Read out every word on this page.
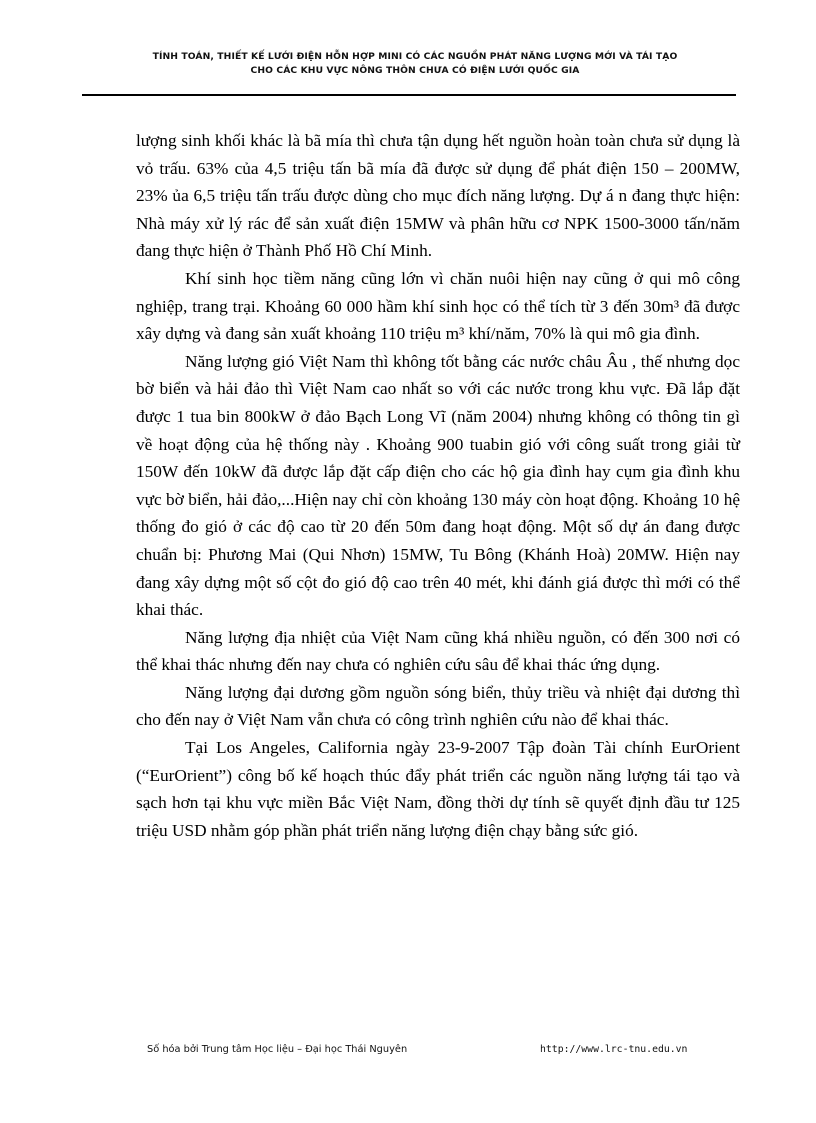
TÍNH TOÁN, THIẾT KẾ LƯỚI ĐIỆN HỖN HỢP MINI CÓ CÁC NGUỒN PHÁT NĂNG LƯỢNG MỚI VÀ TÁI TẠO
CHO CÁC KHU VỰC NÔNG THÔN CHƯA CÓ ĐIỆN LƯỚI QUỐC GIA

lượng sinh khối khác là bã mía thì chưa tận dụng hết nguồn hoàn toàn chưa sử dụng là vỏ trấu. 63% của 4,5 triệu tấn bã mía đã được sử dụng để phát điện 150 – 200MW, 23% ủa 6,5 triệu tấn trấu được dùng cho mục đích năng lượng. Dự á n đang thực hiện: Nhà máy xử lý rác để sản xuất điện 15MW và phân hữu cơ NPK 1500-3000 tấn/năm đang thực hiện ở Thành Phố Hồ Chí Minh.

Khí sinh học tiềm năng cũng lớn vì chăn nuôi hiện nay cũng ở qui mô công nghiệp, trang trại. Khoảng 60 000 hầm khí sinh học có thể tích từ 3 đến 30m³ đã được xây dựng và đang sản xuất khoảng 110 triệu m³ khí/năm, 70% là qui mô gia đình.

Năng lượng gió Việt Nam thì không tốt bằng các nước châu Âu , thế nhưng dọc bờ biển và hải đảo thì Việt Nam cao nhất so với các nước trong khu vực. Đã lắp đặt được 1 tua bin 800kW ở đảo Bạch Long Vĩ (năm 2004) nhưng không có thông tin gì về hoạt động của hệ thống này . Khoảng 900 tuabin gió với công suất trong giải từ 150W đến 10kW đã được lắp đặt cấp điện cho các hộ gia đình hay cụm gia đình khu vực bờ biển, hải đảo,...Hiện nay chỉ còn khoảng 130 máy còn hoạt động. Khoảng 10 hệ thống đo gió ở các độ cao từ 20 đến 50m đang hoạt động. Một số dự án đang được chuẩn bị: Phương Mai (Qui Nhơn) 15MW, Tu Bông (Khánh Hoà) 20MW. Hiện nay đang xây dựng một số cột đo gió độ cao trên 40 mét, khi đánh giá được thì mới có thể khai thác.

Năng lượng địa nhiệt của Việt Nam cũng khá nhiều nguồn, có đến 300 nơi có thể khai thác nhưng đến nay chưa có nghiên cứu sâu để khai thác ứng dụng.

Năng lượng đại dương gồm nguồn sóng biển, thủy triều và nhiệt đại dương thì cho đến nay ở Việt Nam vẫn chưa có công trình nghiên cứu nào để khai thác.

Tại Los Angeles, California ngày 23-9-2007 Tập đoàn Tài chính EurOrient (“EurOrient”) công bố kế hoạch thúc đẩy phát triển các nguồn năng lượng tái tạo và sạch hơn tại khu vực miền Bắc Việt Nam, đồng thời dự tính sẽ quyết định đầu tư 125 triệu USD nhằm góp phần phát triển năng lượng điện chạy bằng sức gió.

Số hóa bởi Trung tâm Học liệu – Đại học Thái Nguyên	http://www.lrc-tnu.edu.vn
